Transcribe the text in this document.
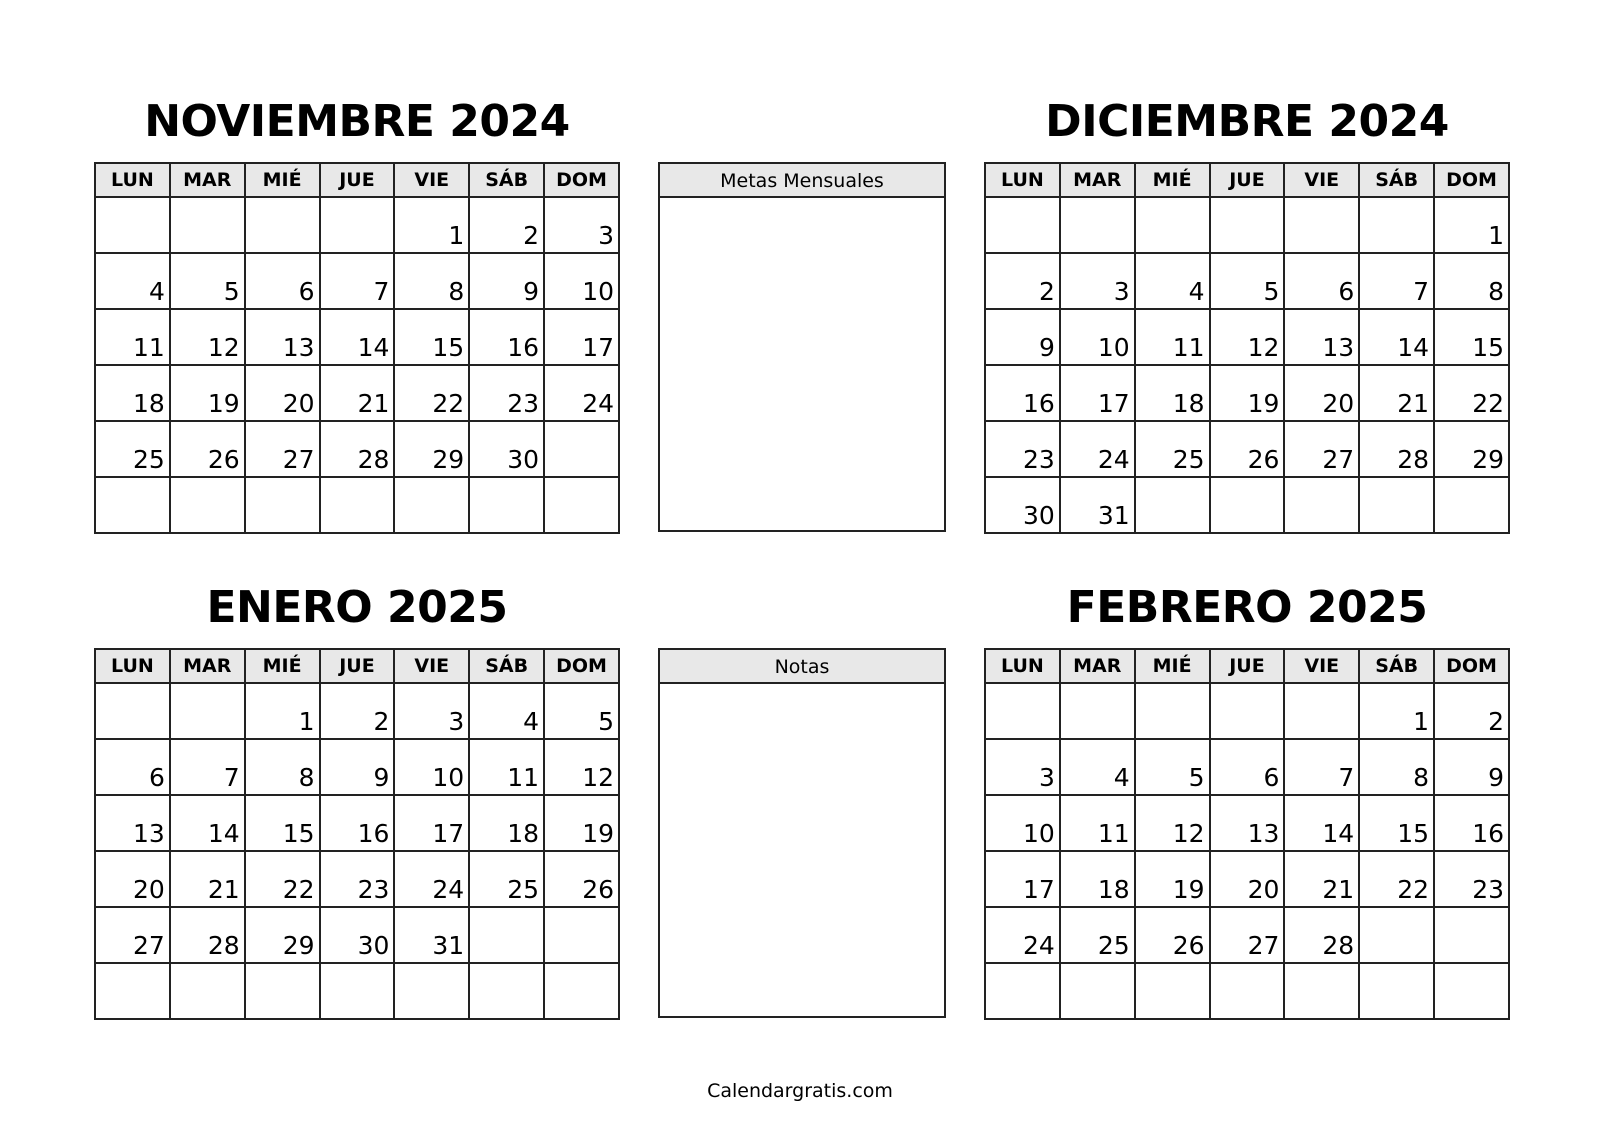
NOVIEMBRE 2024	DICIEMBRE 2024
ENERO 2025	FEBRERO 2025
LUN	MAR	MIÉ	JUE	VIE	SÁB	DOM
				1	2	3
4	5	6	7	8	9	10
11	12	13	14	15	16	17
18	19	20	21	22	23	24
25	26	27	28	29	30	

LUN	MAR	MIÉ	JUE	VIE	SÁB	DOM
						1
2	3	4	5	6	7	8
9	10	11	12	13	14	15
16	17	18	19	20	21	22
23	24	25	26	27	28	29
30	31					
LUN	MAR	MIÉ	JUE	VIE	SÁB	DOM
		1	2	3	4	5
6	7	8	9	10	11	12
13	14	15	16	17	18	19
20	21	22	23	24	25	26
27	28	29	30	31		

LUN	MAR	MIÉ	JUE	VIE	SÁB	DOM
					1	2
3	4	5	6	7	8	9
10	11	12	13	14	15	16
17	18	19	20	21	22	23
24	25	26	27	28		

Metas Mensuales
Notas
Calendargratis.com
